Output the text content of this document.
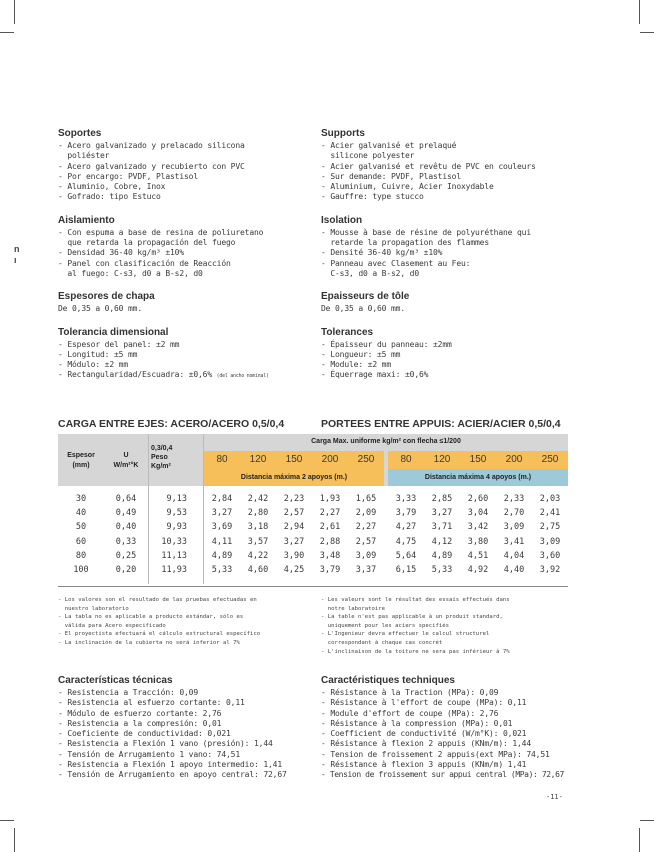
n
ı
Soportes
- Acero galvanizado y prelacado silicona
poliéster
- Acero galvanizado y recubierto con PVC
- Por encargo: PVDF, Plastisol
- Aluminio, Cobre, Inox
- Gofrado: tipo Estuco
Aislamiento
- Con espuma a base de resina de poliuretano
que retarda la propagación del fuego
- Densidad 36-40 kg/m³ ±10%
- Panel con clasificación de Reacción
al fuego: C-s3, d0 a B-s2, d0
Espesores de chapa
De 0,35 a 0,60 mm.
Tolerancia dimensional
- Espesor del panel: ±2 mm
- Longitud: ±5 mm
- Módulo: ±2 mm
- Rectangularidad/Escuadra: ±0,6% (del ancho nominal)
Supports
- Acier galvanisé et prelaqué
silicone polyester
- Acier galvanisé et revêtu de PVC en couleurs
- Sur demande: PVDF, Plastisol
- Aluminium, Cuivre, Acier Inoxydable
- Gauffre: type stucco
Isolation
- Mousse à base de résine de polyuréthane qui
retarde la propagation des flammes
- Densité 36-40 kg/m³ ±10%
- Panneau avec Clasement au Feu:
C-s3, d0 a B-s2, d0
Epaisseurs de tôle
De 0,35 a 0,60 mm.
Tolerances
- Épaisseur du panneau: ±2mm
- Longueur: ±5 mm
- Module: ±2 mm
- Équerrage maxi: ±0,6%
CARGA ENTRE EJES: ACERO/ACERO 0,5/0,4	PORTEES ENTRE APPUIS: ACIER/ACIER 0,5/0,4
Espesor
(mm)
U
W/m²°K
0,3/0,4
Peso
Kg/m²
Carga Max. uniforme kg/m² con flecha ≤1/200
80	120	150	200	250	80	120	150	200	250
Distancia máxima 2 apoyos (m.)	Distancia máxima 4 apoyos (m.)
30	0,64	9,13	2,84	2,42	2,23	1,93	1,65	3,33	2,85	2,60	2,33	2,03
40	0,49	9,53	3,27	2,80	2,57	2,27	2,09	3,79	3,27	3,04	2,70	2,41
50	0,40	9,93	3,69	3,18	2,94	2,61	2,27	4,27	3,71	3,42	3,09	2,75
60	0,33	10,33	4,11	3,57	3,27	2,88	2,57	4,75	4,12	3,80	3,41	3,09
80	0,25	11,13	4,89	4,22	3,90	3,48	3,09	5,64	4,89	4,51	4,04	3,60
100	0,20	11,93	5,33	4,60	4,25	3,79	3,37	6,15	5,33	4,92	4,40	3,92
- Los valores son el resultado de las pruebas efectuadas en
nuestro laboratorio
- La tabla no es aplicable a producto estándar, sólo es
válida para Acero especificado
- El proyectista efectuará el cálculo estructural específico
- La inclinación de la cubierta no será inferior al 7%
- Les valeurs sont le résultat des essais effectués dans
notre laboratoire
- La table n'est pas applicable à un produit standard,
uniquement pour les aciers specifiés
- L'Ingenieur devra effectuer le calcul structurel
correspondant à chaque cas concrét
- L'inclinaison de la toiture ne sera pas inférieur à 7%
Características técnicas
- Resistencia a Tracción: 0,09
- Resistencia al esfuerzo cortante: 0,11
- Módulo de esfuerzo cortante: 2,76
- Resistencia a la compresión: 0,01
- Coeficiente de conductividad: 0,021
- Resistencia a Flexión 1 vano (presión): 1,44
- Tensión de Arrugamiento 1 vano: 74,51
- Resistencia a Flexión 1 apoyo intermedio: 1,41
- Tensión de Arrugamiento en apoyo central: 72,67
Caractéristiques techniques
- Résistance à la Traction (MPa): 0,09
- Résistance à l'effort de coupe (MPa): 0,11
- Module d'effort de coupe (MPa): 2,76
- Résistance à la compression (MPa): 0,01
- Coefficient de conductivité (W/m°K): 0,021
- Résistance à flexion 2 appuis (KNm/m): 1,44
- Tension de froissement 2 appuis(ext MPa): 74,51
- Résistance à flexion 3 appuis (KNm/m) 1,41
- Tension de froissement sur appui central (MPa): 72,67
-11-
